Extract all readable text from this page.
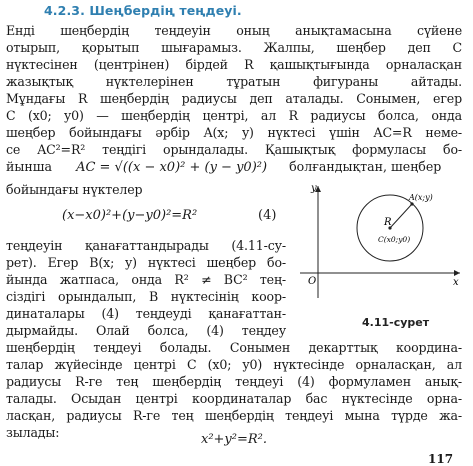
4.2.3. Шеңбердің теңдеуі.
Енді шеңбердің теңдеуін оның анықтамасына сүйене
отырып, қорытып шығарамыз. Жалпы, шеңбер деп C
нүктесінен (центрінен) бірдей R қашықтығында орналасқан
жазықтық нүктелерінен тұратын фигураны айтады.
Мұндағы R шеңбердің радиусы деп аталады. Сонымен, егер
C (x0; y0) — шеңбердің центрі, ал R радиусы болса, онда
шеңбер бойындағы әрбір A(x; y) нүктесі үшін AC=R неме-
се AC²=R² теңдігі орындалады. Қашықтық формуласы бо-
йынша AC = √((x − x0)² + (y − y0)²) болғандықтан, шеңбер
бойындағы нүктелер
(x−x0)²+(y−y0)²=R²	(4)
теңдеуін қанағаттандырады (4.11-су-
рет). Егер B(x; y) нүктесі шеңбер бо-
йында жатпаса, онда R² ≠ BC² тең-
сіздігі орындалып, B нүктесінің коор-
динаталары (4) теңдеуді қанағаттан-
дырмайды. Олай болса, (4) теңдеу
шеңбердің теңдеуі болады. Сонымен декарттық координа-
талар жүйесінде центрі C (x0; y0) нүктесінде орналасқан, ал
радиусы R-ге тең шеңбердің теңдеуі (4) формуламен анық-
талады. Осыдан центрі координаталар бас нүктесінде орна-
ласқан, радиусы R-ге тең шеңбердің теңдеуі мына түрде жа-
зылады:	x²+y²=R².
y
x
O
A(x;y)
R
C(x0;y0)
4.11-сурет
117
